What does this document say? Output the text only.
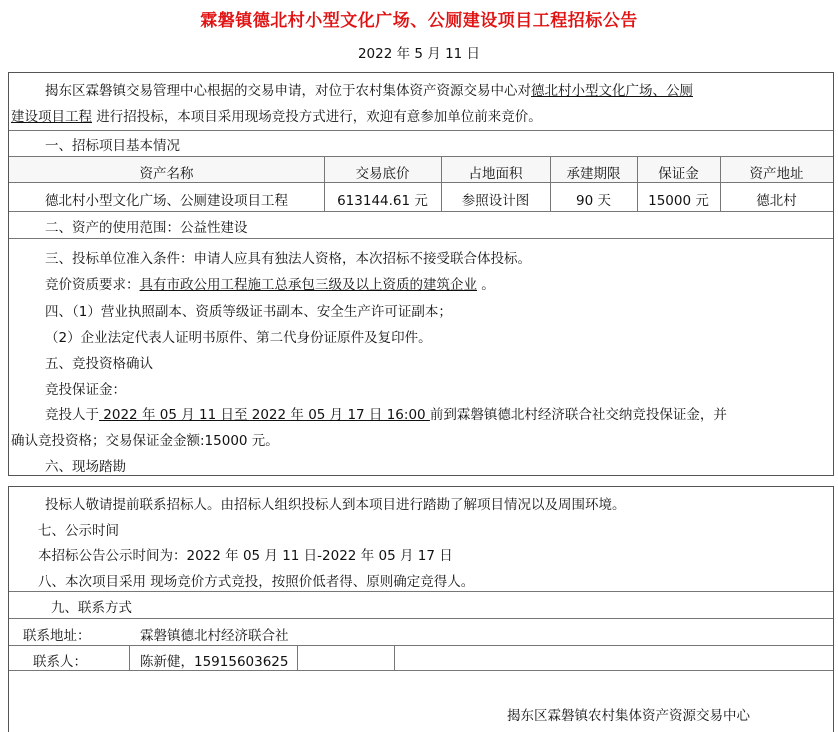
霖磐镇德北村小型文化广场、公厕建设项目工程招标公告
2022 年 5 月 11 日
揭东区霖磐镇交易管理中心根据的交易申请，对位于农村集体资产资源交易中心对德北村小型文化广场、公厕
建设项目工程 进行招投标，本项目采用现场竞投方式进行，欢迎有意参加单位前来竞价。
一、招标项目基本情况
资产名称	交易底价	占地面积	承建期限	保证金	资产地址
德北村小型文化广场、公厕建设项目工程	613144.61 元	参照设计图	90 天	15000 元	德北村
二、资产的使用范围：公益性建设
三、投标单位准入条件：申请人应具有独法人资格，本次招标不接受联合体投标。
竞价资质要求：具有市政公用工程施工总承包三级及以上资质的建筑企业 。
四、（1）营业执照副本、资质等级证书副本、安全生产许可证副本；
（2）企业法定代表人证明书原件、第二代身份证原件及复印件。
五、竞投资格确认
竞投保证金：
竞投人于 2022 年 05 月 11 日至 2022 年 05 月 17 日 16:00 前到霖磐镇德北村经济联合社交纳竞投保证金，并
确认竞投资格；交易保证金金额:15000 元。
六、现场踏勘
投标人敬请提前联系招标人。由招标人组织投标人到本项目进行踏勘了解项目情况以及周围环境。
七、公示时间
本招标公告公示时间为：2022 年 05 月 11 日-2022 年 05 月 17 日
八、本次项目采用 现场竞价方式竞投，按照价低者得、原则确定竞得人。
九、联系方式
联系地址：	霖磐镇德北村经济联合社
联系人：	陈新健，15915603625
揭东区霖磐镇农村集体资产资源交易中心
